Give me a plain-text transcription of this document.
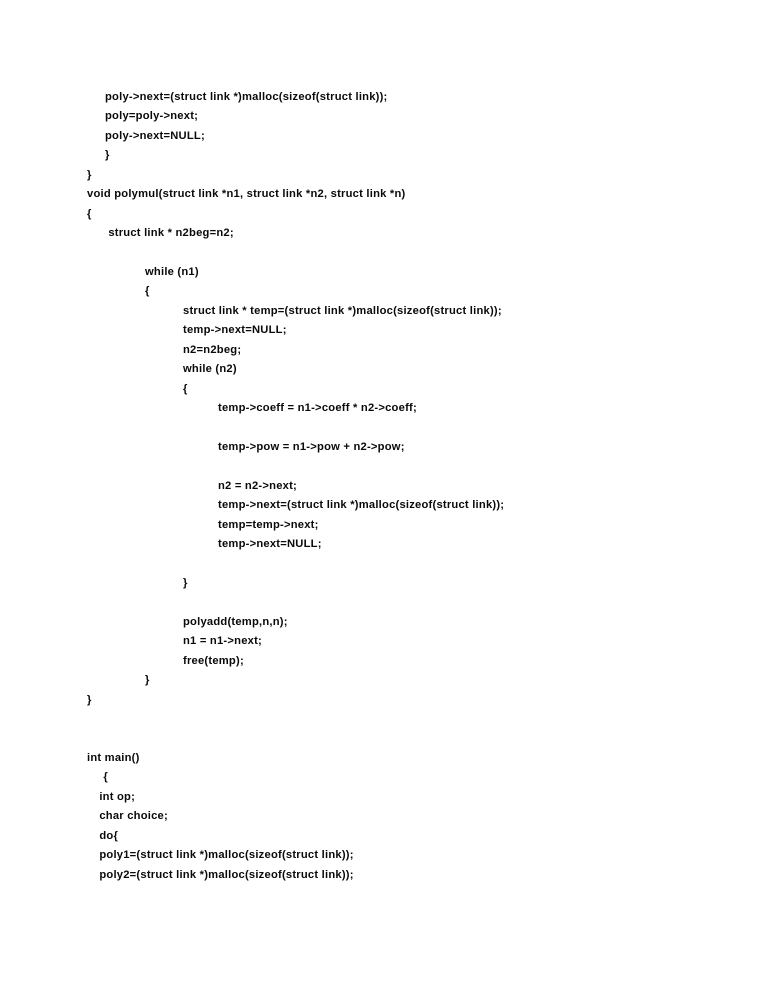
poly->next=(struct link *)malloc(sizeof(struct link));
poly=poly->next;
poly->next=NULL;
}
}
void polymul(struct link *n1, struct link *n2, struct link *n)
{
struct link * n2beg=n2;
while (n1)
{
struct link * temp=(struct link *)malloc(sizeof(struct link));
temp->next=NULL;
n2=n2beg;
while (n2)
{
temp->coeff = n1->coeff * n2->coeff;
temp->pow = n1->pow + n2->pow;
n2 = n2->next;
temp->next=(struct link *)malloc(sizeof(struct link));
temp=temp->next;
temp->next=NULL;
}
polyadd(temp,n,n);
n1 = n1->next;
free(temp);
}
}
int main()
{
int op;
char choice;
do{
poly1=(struct link *)malloc(sizeof(struct link));
poly2=(struct link *)malloc(sizeof(struct link));
